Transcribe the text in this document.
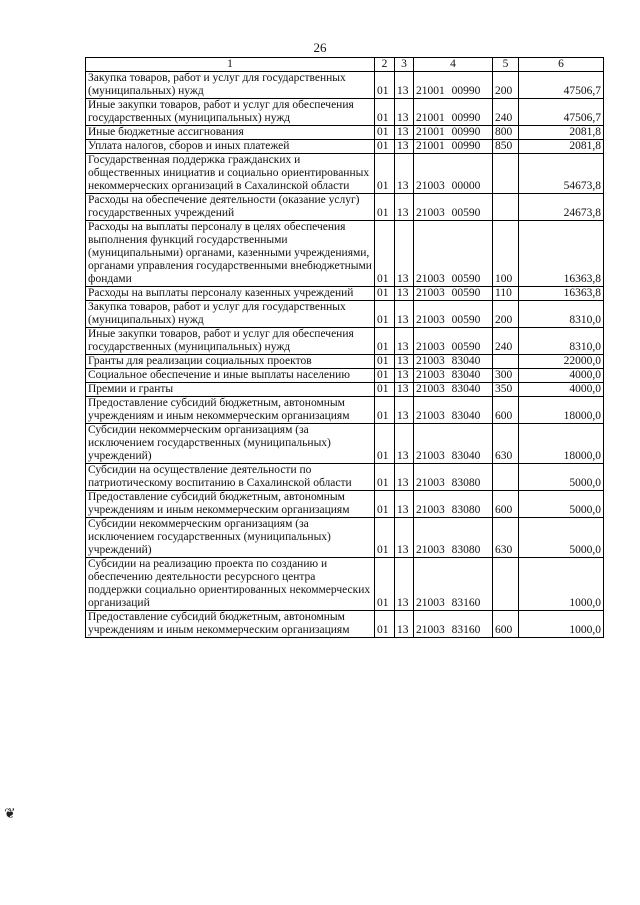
26
1	2	3	4	5	6
Закупка товаров, работ и услуг для государственных (муниципальных) нужд	01	13	21001 00990	200	47506,7
Иные закупки товаров, работ и услуг для обеспечения государственных (муниципальных) нужд	01	13	21001 00990	240	47506,7
Иные бюджетные ассигнования	01	13	21001 00990	800	2081,8
Уплата налогов, сборов и иных платежей	01	13	21001 00990	850	2081,8
Государственная поддержка гражданских и общественных инициатив и социально ориентированных некоммерческих организаций в Сахалинской области	01	13	21003 00000		54673,8
Расходы на обеспечение деятельности (оказание услуг) государственных учреждений	01	13	21003 00590		24673,8
Расходы на выплаты персоналу в целях обеспечения выполнения функций государственными (муниципальными) органами, казенными учреждениями, органами управления государственными внебюджетными фондами	01	13	21003 00590	100	16363,8
Расходы на выплаты персоналу казенных учреждений	01	13	21003 00590	110	16363,8
Закупка товаров, работ и услуг для государственных (муниципальных) нужд	01	13	21003 00590	200	8310,0
Иные закупки товаров, работ и услуг для обеспечения государственных (муниципальных) нужд	01	13	21003 00590	240	8310,0
Гранты для реализации социальных проектов	01	13	21003 83040		22000,0
Социальное обеспечение и иные выплаты населению	01	13	21003 83040	300	4000,0
Премии и гранты	01	13	21003 83040	350	4000,0
Предоставление субсидий бюджетным, автономным учреждениям и иным некоммерческим организациям	01	13	21003 83040	600	18000,0
Субсидии некоммерческим организациям (за исключением государственных (муниципальных) учреждений)	01	13	21003 83040	630	18000,0
Субсидии на осуществление деятельности по патриотическому воспитанию в Сахалинской области	01	13	21003 83080		5000,0
Предоставление субсидий бюджетным, автономным учреждениям и иным некоммерческим организациям	01	13	21003 83080	600	5000,0
Субсидии некоммерческим организациям (за исключением государственных (муниципальных) учреждений)	01	13	21003 83080	630	5000,0
Субсидии на реализацию проекта по созданию и обеспечению деятельности ресурсного центра поддержки социально ориентированных некоммерческих организаций	01	13	21003 83160		1000,0
Предоставление субсидий бюджетным, автономным учреждениям и иным некоммерческим организациям	01	13	21003 83160	600	1000,0
❦
